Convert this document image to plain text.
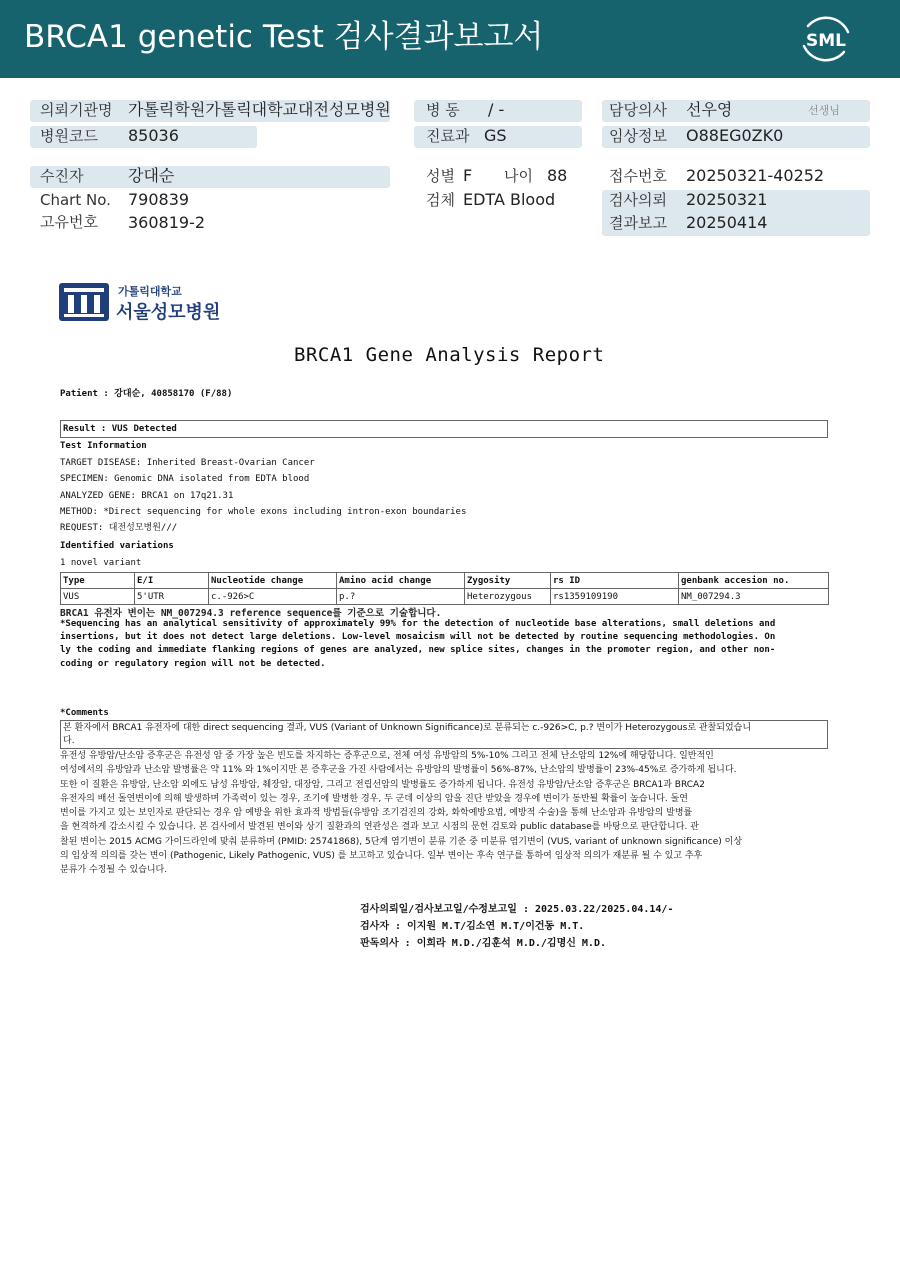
BRCA1 genetic Test 검사결과보고서	SML
의뢰기관명 가톨릭학원가톨릭대학교대전성모병원 병 동 / -	담당의사 선우영	선생님
병원코드 85036	진료과 GS	임상정보 O88EG0ZK0
수진자	강대순	성별 F 나이 88	접수번호 20250321-40252
Chart No. 790839	검체 EDTA Blood	검사의뢰 20250321
고유번호 360819-2	결과보고 20250414
가톨릭대학교
서울성모병원
BRCA1 Gene Analysis Report
Patient : 강대순, 40858170 (F/88)
Result : VUS Detected
Test Information
TARGET DISEASE: Inherited Breast-Ovarian Cancer
SPECIMEN: Genomic DNA isolated from EDTA blood
ANALYZED GENE: BRCA1 on 17q21.31
METHOD: *Direct sequencing for whole exons including intron-exon boundaries
REQUEST: 대전성모병원///
Identified variations
1 novel variant
Type	E/I	Nucleotide change	Amino acid change	Zygosity	rs ID	genbank accesion no.
VUS	5'UTR	c.-926>C	p.?	Heterozygous	rs1359109190	NM_007294.3
BRCA1 유전자 변이는 NM_007294.3 reference sequence를 기준으로 기술합니다.
*Sequencing has an analytical sensitivity of approximately 99% for the detection of nucleotide base alterations, small deletions and
insertions, but it does not detect large deletions. Low-level mosaicism will not be detected by routine sequencing methodologies. On
ly the coding and immediate flanking regions of genes are analyzed, new splice sites, changes in the promoter region, and other non-
coding or regulatory region will not be detected.
*Comments
본 환자에서 BRCA1 유전자에 대한 direct sequencing 결과, VUS (Variant of Unknown Significance)로 분류되는 c.-926>C, p.? 변이가 Heterozygous로 관찰되었습니
다.
유전성 유방암/난소암 증후군은 유전성 암 중 가장 높은 빈도를 차지하는 증후군으로, 전체 여성 유방암의 5%-10% 그리고 전체 난소암의 12%에 해당합니다. 일반적인
여성에서의 유방암과 난소암 발병률은 약 11% 와 1%이지만 본 증후군을 가진 사람에서는 유방암의 발병률이 56%-87%, 난소암의 발병률이 23%-45%로 증가하게 됩니다.
또한 이 질환은 유방암, 난소암 외에도 남성 유방암, 췌장암, 대장암, 그리고 전립선암의 발병률도 증가하게 됩니다. 유전성 유방암/난소암 증후군은 BRCA1과 BRCA2
유전자의 배선 돌연변이에 의해 발생하며 가족력이 있는 경우, 조기에 발병한 경우, 두 군데 이상의 암을 진단 받았을 경우에 변이가 동반될 확률이 높습니다. 돌연
변이를 가지고 있는 보인자로 판단되는 경우 암 예방을 위한 효과적 방법들(유방암 조기검진의 강화, 화학예방요법, 예방적 수술)을 통해 난소암과 유방암의 발병률
을 현격하게 감소시킬 수 있습니다. 본 검사에서 발견된 변이와 상기 질환과의 연관성은 결과 보고 시점의 문헌 검토와 public database를 바탕으로 판단합니다. 관
찰된 변이는 2015 ACMG 가이드라인에 맞춰 분류하며 (PMID: 25741868), 5단계 염기변이 분류 기준 중 미분류 염기변이 (VUS, variant of unknown significance) 이상
의 임상적 의의를 갖는 변이 (Pathogenic, Likely Pathogenic, VUS) 를 보고하고 있습니다. 일부 변이는 후속 연구를 통하여 임상적 의의가 재분류 될 수 있고 추후
분류가 수정될 수 있습니다.
검사의뢰일/검사보고일/수정보고일 : 2025.03.22/2025.04.14/-
검사자 : 이지원 M.T/김소연 M.T/이건동 M.T.
판독의사 : 이희라 M.D./김훈석 M.D./김명신 M.D.
